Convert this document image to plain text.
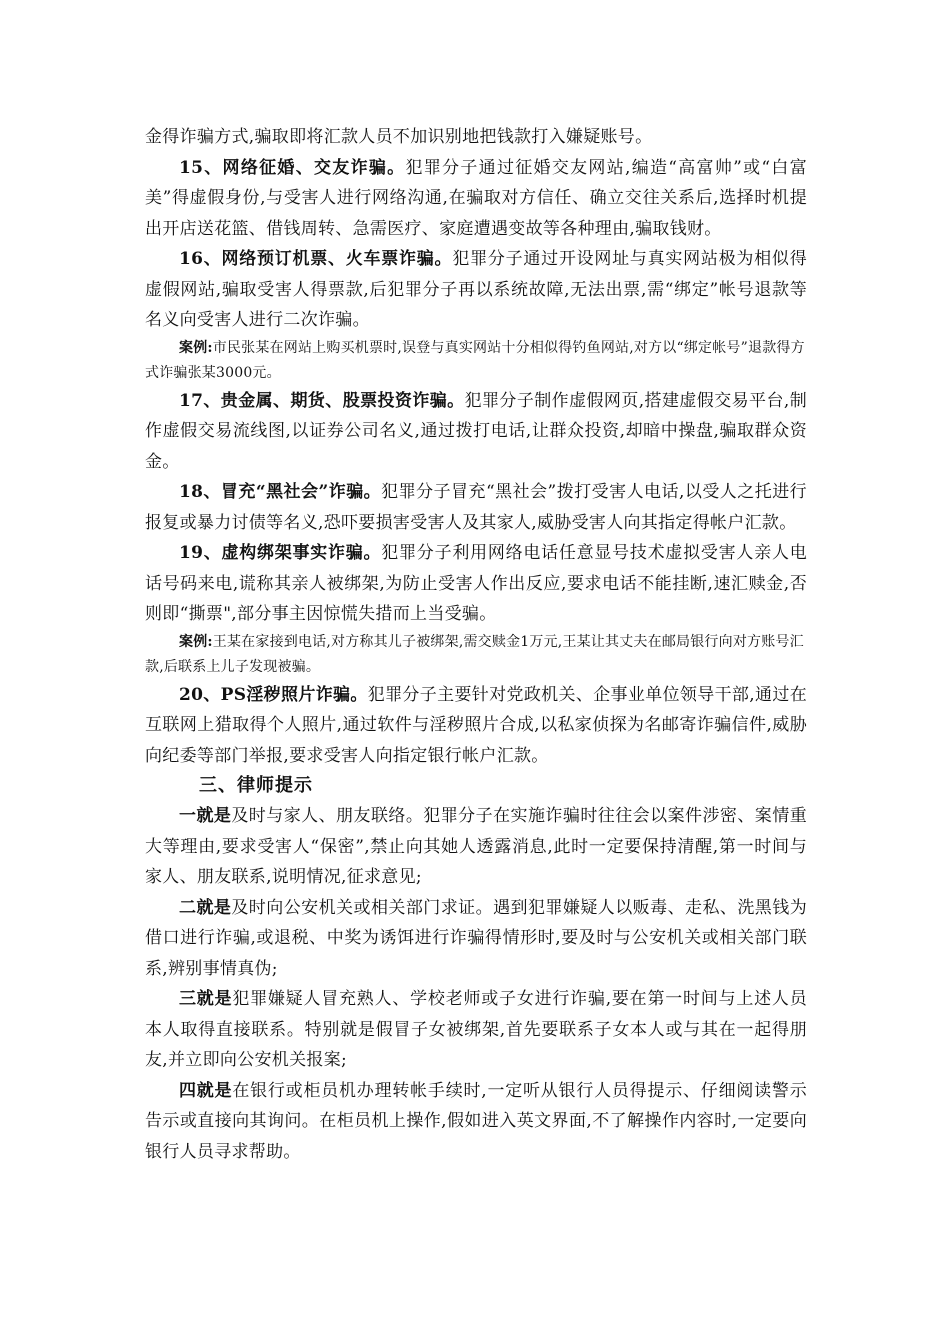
金得诈骗方式,骗取即将汇款人员不加识别地把钱款打入嫌疑账号。

15、网络征婚、交友诈骗。犯罪分子通过征婚交友网站,编造“高富帅”或“白富美”得虚假身份,与受害人进行网络沟通,在骗取对方信任、确立交往关系后,选择时机提出开店送花篮、借钱周转、急需医疗、家庭遭遇变故等各种理由,骗取钱财。

16、网络预订机票、火车票诈骗。犯罪分子通过开设网址与真实网站极为相似得虚假网站,骗取受害人得票款,后犯罪分子再以系统故障,无法出票,需“绑定”帐号退款等名义向受害人进行二次诈骗。

案例:市民张某在网站上购买机票时,误登与真实网站十分相似得钓鱼网站,对方以“绑定帐号”退款得方式诈骗张某3000元。

17、贵金属、期货、股票投资诈骗。犯罪分子制作虚假网页,搭建虚假交易平台,制作虚假交易流线图,以证券公司名义,通过拨打电话,让群众投资,却暗中操盘,骗取群众资金。

18、冒充“黑社会”诈骗。犯罪分子冒充“黑社会”拨打受害人电话,以受人之托进行报复或暴力讨债等名义,恐吓要损害受害人及其家人,威胁受害人向其指定得帐户汇款。

19、虚构绑架事实诈骗。犯罪分子利用网络电话任意显号技术虚拟受害人亲人电话号码来电,谎称其亲人被绑架,为防止受害人作出反应,要求电话不能挂断,速汇赎金,否则即“撕票",部分事主因惊慌失措而上当受骗。

案例:王某在家接到电话,对方称其儿子被绑架,需交赎金1万元,王某让其丈夫在邮局银行向对方账号汇款,后联系上儿子发现被骗。

20、PS淫秽照片诈骗。犯罪分子主要针对党政机关、企事业单位领导干部,通过在互联网上猎取得个人照片,通过软件与淫秽照片合成,以私家侦探为名邮寄诈骗信件,威胁向纪委等部门举报,要求受害人向指定银行帐户汇款。

三、律师提示

一就是及时与家人、朋友联络。犯罪分子在实施诈骗时往往会以案件涉密、案情重大等理由,要求受害人“保密”,禁止向其她人透露消息,此时一定要保持清醒,第一时间与家人、朋友联系,说明情况,征求意见;

二就是及时向公安机关或相关部门求证。遇到犯罪嫌疑人以贩毒、走私、洗黑钱为借口进行诈骗,或退税、中奖为诱饵进行诈骗得情形时,要及时与公安机关或相关部门联系,辨别事情真伪;

三就是犯罪嫌疑人冒充熟人、学校老师或子女进行诈骗,要在第一时间与上述人员本人取得直接联系。特别就是假冒子女被绑架,首先要联系子女本人或与其在一起得朋友,并立即向公安机关报案;

四就是在银行或柜员机办理转帐手续时,一定听从银行人员得提示、仔细阅读警示告示或直接向其询问。在柜员机上操作,假如进入英文界面,不了解操作内容时,一定要向银行人员寻求帮助。
